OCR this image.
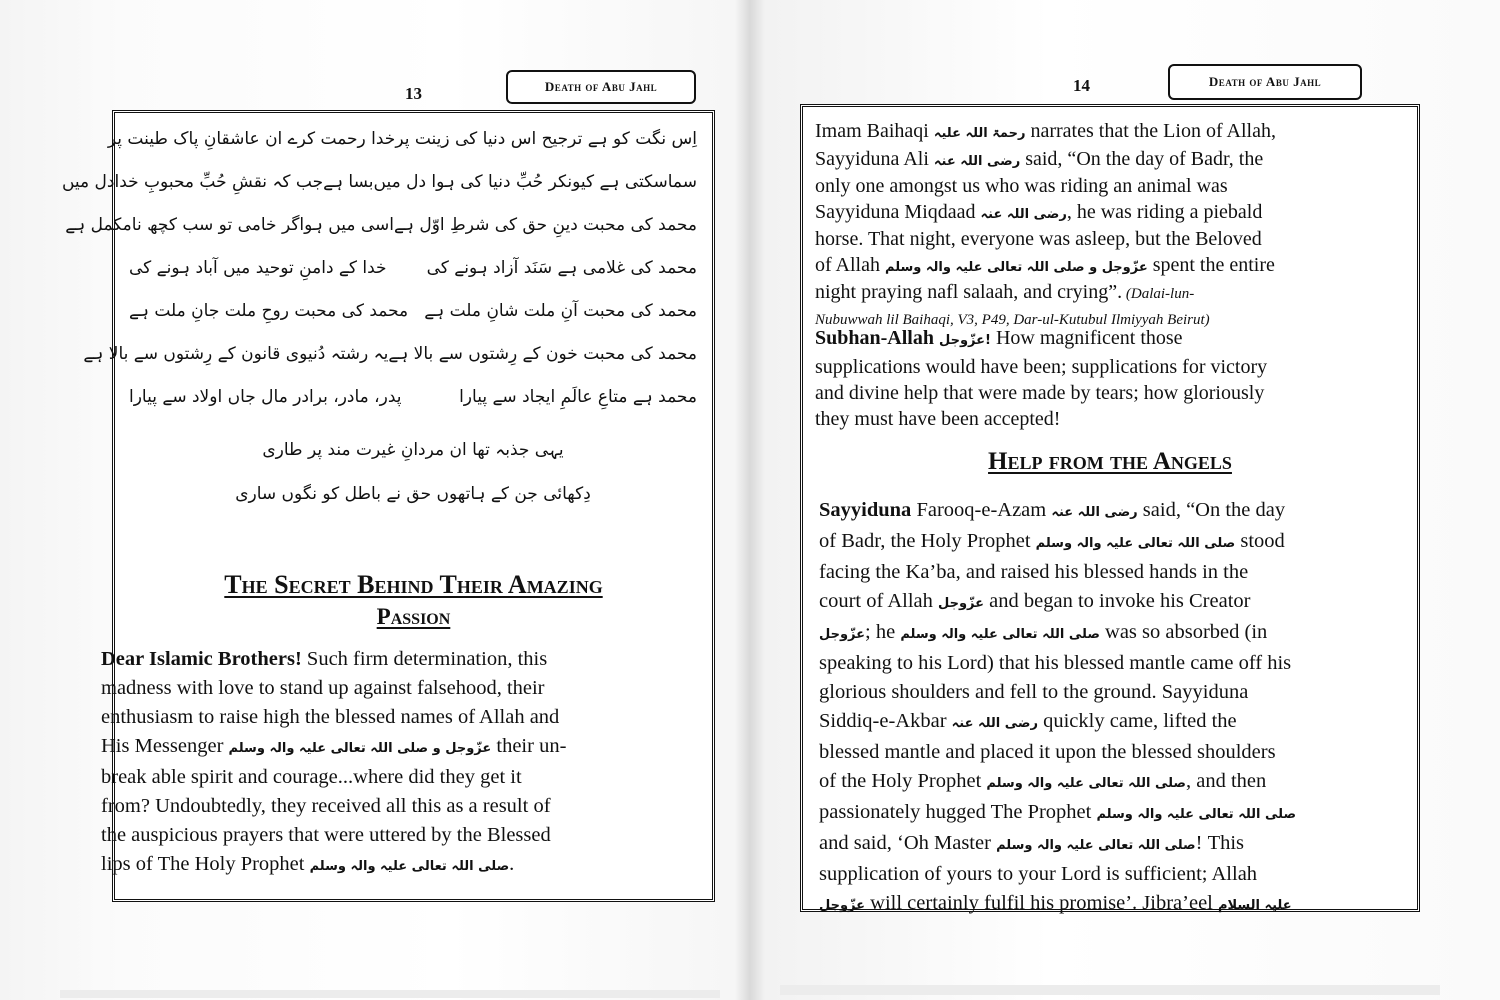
13	Death of Abu Jahl
اِس نگت کو ہے ترجیح اس دنیا کی زینت پر
خدا رحمت کرے ان عاشقانِ پاک طینت پر
سماسکتی ہے کیونکر حُبِّ دنیا کی ہوا دل میں
بسا ہےجب کہ نقشِ حُبِّ محبوبِ خدادل میں
محمد کی محبت دینِ حق کی شرطِ اوّل ہے
اسی میں ہواگر خامی تو سب کچھ نامکمل ہے
محمد کی غلامی ہے سَنَد آزاد ہونے کی
خدا کے دامنِ توحید میں آباد ہونے کی
محمد کی محبت آنِ ملت شانِ ملت ہے
محمد کی محبت روحِ ملت جانِ ملت ہے
محمد کی محبت خون کے رِشتوں سے بالا ہے
یہ رشتہ دُنیوی قانون کے رِشتوں سے بالا ہے
محمد ہے متاعِ عالَمِ ایجاد سے پیارا
پدر، مادر، برادر مال جاں اولاد سے پیارا
یہی جذبہ تھا ان مردانِ غیرت مند پر طاری
دِکھائی جن کے ہاتھوں حق نے باطل کو نگوں ساری
The Secret Behind Their Amazing
Passion
Dear Islamic Brothers! Such firm determination, this
madness with love to stand up against falsehood, their
enthusiasm to raise high the blessed names of Allah and
His Messenger عزّوجل و صلی اللہ تعالی علیہ والہ وسلم their un-
break able spirit and courage...where did they get it
from? Undoubtedly, they received all this as a result of
the auspicious prayers that were uttered by the Blessed
lips of The Holy Prophet صلی اللہ تعالی علیہ والہ وسلم.
14	Death of Abu Jahl
Imam Baihaqi رحمۃ اللہ علیہ narrates that the Lion of Allah,
Sayyiduna Ali رضی اللہ عنہ said, “On the day of Badr, the
only one amongst us who was riding an animal was
Sayyiduna Miqdaad رضی اللہ عنہ, he was riding a piebald
horse. That night, everyone was asleep, but the Beloved
of Allah عزّوجل و صلی اللہ تعالی علیہ والہ وسلم spent the entire
night praying nafl salaah, and crying”. (Dalai-lun-
Nubuwwah lil Baihaqi, V3, P49, Dar-ul-Kutubul Ilmiyyah Beirut)
Subhan-Allah عزّوجل! How magnificent those
supplications would have been; supplications for victory
and divine help that were made by tears; how gloriously
they must have been accepted!
Help from the Angels
Sayyiduna Farooq-e-Azam رضی اللہ عنہ said, “On the day
of Badr, the Holy Prophet صلی اللہ تعالی علیہ والہ وسلم stood
facing the Ka’ba, and raised his blessed hands in the
court of Allah عزّوجل and began to invoke his Creator
عزّوجل; he صلی اللہ تعالی علیہ والہ وسلم was so absorbed (in
speaking to his Lord) that his blessed mantle came off his
glorious shoulders and fell to the ground. Sayyiduna
Siddiq-e-Akbar رضی اللہ عنہ quickly came, lifted the
blessed mantle and placed it upon the blessed shoulders
of the Holy Prophet صلی اللہ تعالی علیہ والہ وسلم, and then
passionately hugged The Prophet صلی اللہ تعالی علیہ والہ وسلم
and said, ‘Oh Master صلی اللہ تعالی علیہ والہ وسلم! This
supplication of yours to your Lord is sufficient; Allah
عزّوجل will certainly fulfil his promise’. Jibra’eel علیہ السلام
